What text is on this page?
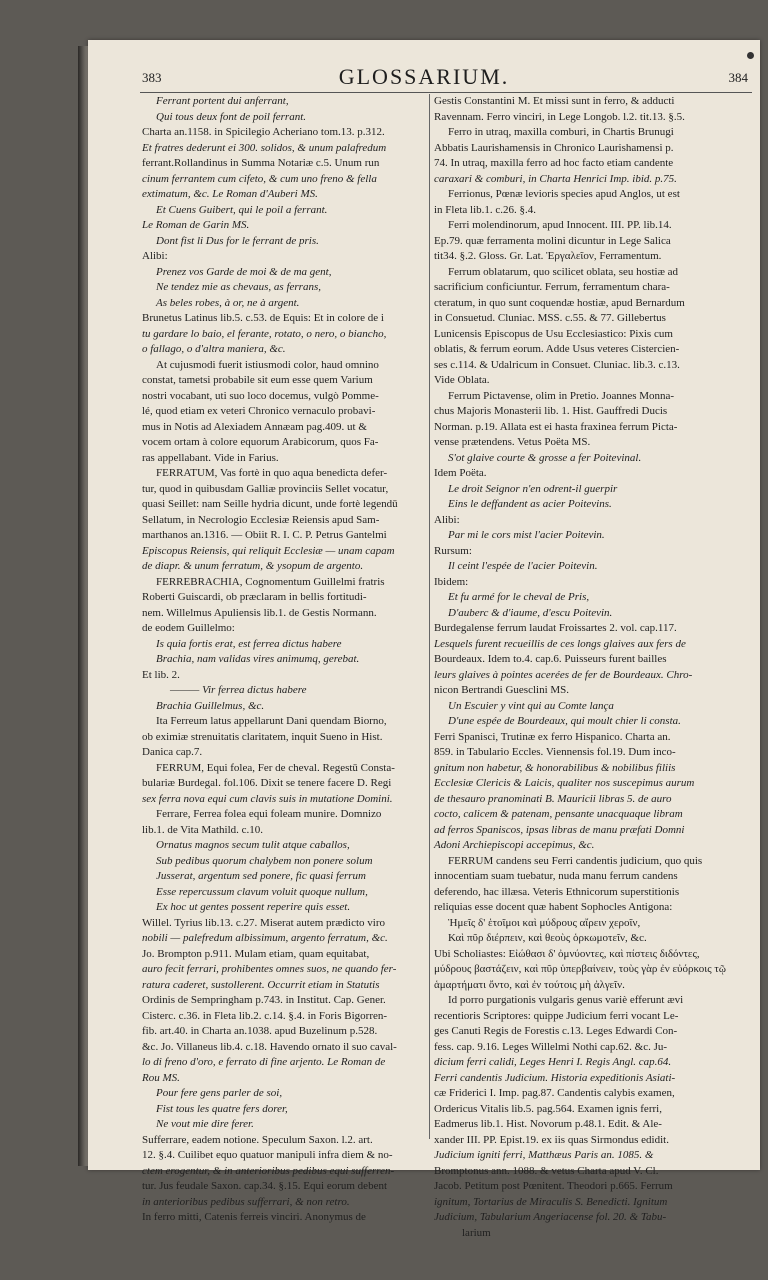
383	GLOSSARIUM.	384
Ferrant portent dui anferrant,
Qui tous deux font de poil ferrant.
Charta an.1158. in Spicilegio Acheriano tom.13. p.312.
Et fratres dederunt ei 300. solidos, & unum palafredum
ferrant.Rollandinus in Summa Notariæ c.5. Unum run
cinum ferrantem cum cifeto, & cum uno freno & fella
extimatum, &c. Le Roman d'Auberi MS.
Et Cuens Guibert, qui le poil a ferrant.
Le Roman de Garin MS.
Dont fist li Dus for le ferrant de pris.
Alibi:
Prenez vos Garde de moi & de ma gent,
Ne tendez mie as chevaus, as ferrans,
As beles robes, à or, ne à argent.
Brunetus Latinus lib.5. c.53. de Equis: Et in colore de i
tu gardare lo baio, el ferante, rotato, o nero, o biancho,
o fallago, o d'altra maniera, &c.
At cujusmodi fuerit istiusmodi color, haud omnino
constat, tametsi probabile sit eum esse quem Varium
nostri vocabant, uti suo loco docemus, vulgò Pomme-
lé, quod etiam ex veteri Chronico vernaculo probavi-
mus in Notis ad Alexiadem Annæam pag.409. ut &
vocem ortam à colore equorum Arabicorum, quos Fa-
ras appellabant. Vide in Farius.
FERRATUM, Vas fortè in quo aqua benedicta defer-
tur, quod in quibusdam Galliæ provinciis Sellet vocatur,
quasi Seillet: nam Seille hydria dicunt, unde fortè legendū
Sellatum, in Necrologio Ecclesiæ Reiensis apud Sam-
marthanos an.1316. — Obiit R. I. C. P. Petrus Gantelmi
Episcopus Reiensis, qui reliquit Ecclesiæ — unam capam
de diapr. & unum ferratum, & ysopum de argento.
FERREBRACHIA, Cognomentum Guillelmi fratris
Roberti Guiscardi, ob præclaram in bellis fortitudi-
nem. Willelmus Apuliensis lib.1. de Gestis Normann.
de eodem Guillelmo:
Is quia fortis erat, est ferrea dictus habere
Brachia, nam validas vires animumq, gerebat.
Et lib. 2.
——— Vir ferrea dictus habere
Brachia Guillelmus, &c.
Ita Ferreum latus appellarunt Dani quendam Biorno,
ob eximiæ strenuitatis claritatem, inquit Sueno in Hist.
Danica cap.7.
FERRUM, Equi folea, Fer de cheval. Regestū Consta-
bulariæ Burdegal. fol.106. Dixit se tenere facere D. Regi
sex ferra nova equi cum clavis suis in mutatione Domini.
Ferrare, Ferrea folea equi foleam munire. Domnizo
lib.1. de Vita Mathild. c.10.
Ornatus magnos secum tulit atque caballos,
Sub pedibus quorum chalybem non ponere solum
Jusserat, argentum sed ponere, fic quasi ferrum
Esse repercussum clavum voluit quoque nullum,
Ex hoc ut gentes possent reperire quis esset.
Willel. Tyrius lib.13. c.27. Miserat autem prædicto viro
nobili — palefredum albissimum, argento ferratum, &c.
Jo. Brompton p.911. Mulam etiam, quam equitabat,
auro fecit ferrari, prohibentes omnes suos, ne quando fer-
ratura caderet, sustollerent. Occurrit etiam in Statutis
Ordinis de Sempringham p.743. in Institut. Cap. Gener.
Cisterc. c.36. in Fleta lib.2. c.14. §.4. in Foris Bigorren-
fib. art.40. in Charta an.1038. apud Buzelinum p.528.
&c. Jo. Villaneus lib.4. c.18. Havendo ornato il suo caval-
lo di freno d'oro, e ferrato di fine arjento. Le Roman de
Rou MS.
Pour fere gens parler de soi,
Fist tous les quatre fers dorer,
Ne vout mie dire ferer.
Sufferrare, eadem notione. Speculum Saxon. l.2. art.
12. §.4. Cuilibet equo quatuor manipuli infra diem & no-
ctem erogentur, & in anterioribus pedibus equi sufferren-
tur. Jus feudale Saxon. cap.34. §.15. Equi eorum debent
in anterioribus pedibus sufferrari, & non retro.
In ferro mitti, Catenis ferreis vinciri. Anonymus de
Gestis Constantini M. Et missi sunt in ferro, & adducti
Ravennam. Ferro vinciri, in Lege Longob. l.2. tit.13. §.5.
Ferro in utraq, maxilla comburi, in Chartis Brunugi
Abbatis Laurishamensis in Chronico Laurishamensi p.
74. In utraq, maxilla ferro ad hoc facto etiam candente
caraxari & comburi, in Charta Henrici Imp. ibid. p.75.
Ferrionus, Pœnæ levioris species apud Anglos, ut est
in Fleta lib.1. c.26. §.4.
Ferri molendinorum, apud Innocent. III. PP. lib.14.
Ep.79. quæ ferramenta molini dicuntur in Lege Salica
tit34. §.2. Gloss. Gr. Lat. Ἐργαλεῖον, Ferramentum.
Ferrum oblatarum, quo scilicet oblata, seu hostiæ ad
sacrificium conficiuntur. Ferrum, ferramentum chara-
cteratum, in quo sunt coquendæ hostiæ, apud Bernardum
in Consuetud. Cluniac. MSS. c.55. & 77. Gillebertus
Lunicensis Episcopus de Usu Ecclesiastico: Pixis cum
oblatis, & ferrum eorum. Adde Usus veteres Cistercien-
ses c.114. & Udalricum in Consuet. Cluniac. lib.3. c.13.
Vide Oblata.
Ferrum Pictavense, olim in Pretio. Joannes Monna-
chus Majoris Monasterii lib. 1. Hist. Gauffredi Ducis
Norman. p.19. Allata est ei hasta fraxinea ferrum Picta-
vense prætendens. Vetus Poëta MS.
S'ot glaive courte & grosse a fer Poitevinal.
Idem Poëta.
Le droit Seignor n'en odrent-il guerpir
Eins le deffandent as acier Poitevins.
Alibi:
Par mi le cors mist l'acier Poitevin.
Rursum:
Il ceint l'espée de l'acier Poitevin.
Ibidem:
Et fu armé for le cheval de Pris,
D'auberc & d'iaume, d'escu Poitevin.
Burdegalense ferrum laudat Froissartes 2. vol. cap.117.
Lesquels furent recueillis de ces longs glaives aux fers de
Bourdeaux. Idem to.4. cap.6. Puisseurs furent bailles
leurs glaives à pointes acerées de fer de Bourdeaux. Chro-
nicon Bertrandi Guesclini MS.
Un Escuier y vint qui au Comte lança
D'une espée de Bourdeaux, qui moult chier li consta.
Ferri Spanisci, Trutinæ ex ferro Hispanico. Charta an.
859. in Tabulario Eccles. Viennensis fol.19. Dum inco-
gnitum non habetur, & honorabilibus & nobilibus filiis
Ecclesiæ Clericis & Laicis, qualiter nos suscepimus aurum
de thesauro pranominati B. Mauricii libras 5. de auro
cocto, calicem & patenam, pensante unacquaque libram
ad ferros Spaniscos, ipsas libras de manu præfati Domni
Adoni Archiepiscopi accepimus, &c.
FERRUM candens seu Ferri candentis judicium, quo quis
innocentiam suam tuebatur, nuda manu ferrum candens
deferendo, hac illæsa. Veteris Ethnicorum superstitionis
reliquias esse docent quæ habent Sophocles Antigona:
Ἡμεῖς δ' ἑτοῖμοι καὶ μύδρους αἴρειν χεροῖν,
Καὶ πῦρ διέρπειν, καὶ θεοὺς ὁρκωμοτεῖν, &c.
Ubi Scholiastes: Εἰώθασι δ' ὀμνύοντες, καὶ πίστεις διδόντες,
μύδρους βαστάζειν, καὶ πῦρ ὑπερβαίνειν, τοὺς γὰρ ἐν εὐόρκοις τῷ
ἁμαρτήματι ὄντο, καὶ ἐν τούτοις μὴ ἀλγεῖν.
Id porro purgationis vulgaris genus variè efferunt ævi
recentioris Scriptores: quippe Judicium ferri vocant Le-
ges Canuti Regis de Forestis c.13. Leges Edwardi Con-
fess. cap. 9.16. Leges Willelmi Nothi cap.62. &c. Ju-
dicium ferri calidi, Leges Henri I. Regis Angl. cap.64.
Ferri candentis Judicium. Historia expeditionis Asiati-
cæ Friderici I. Imp. pag.87. Candentis calybis examen,
Ordericus Vitalis lib.5. pag.564. Examen ignis ferri,
Eadmerus lib.1. Hist. Novorum p.48.1. Edit. & Ale-
xander III. PP. Epist.19. ex iis quas Sirmondus edidit.
Judicium igniti ferri, Matthæus Paris an. 1085. &
Bromptonus ann. 1088. & vetus Charta apud V. Cl.
Jacob. Petitum post Pœnitent. Theodori p.665. Ferrum
ignitum, Tortarius de Miraculis S. Benedicti. Ignitum
Judicium, Tabularium Angeriacense fol. 20. & Tabu-
larium
